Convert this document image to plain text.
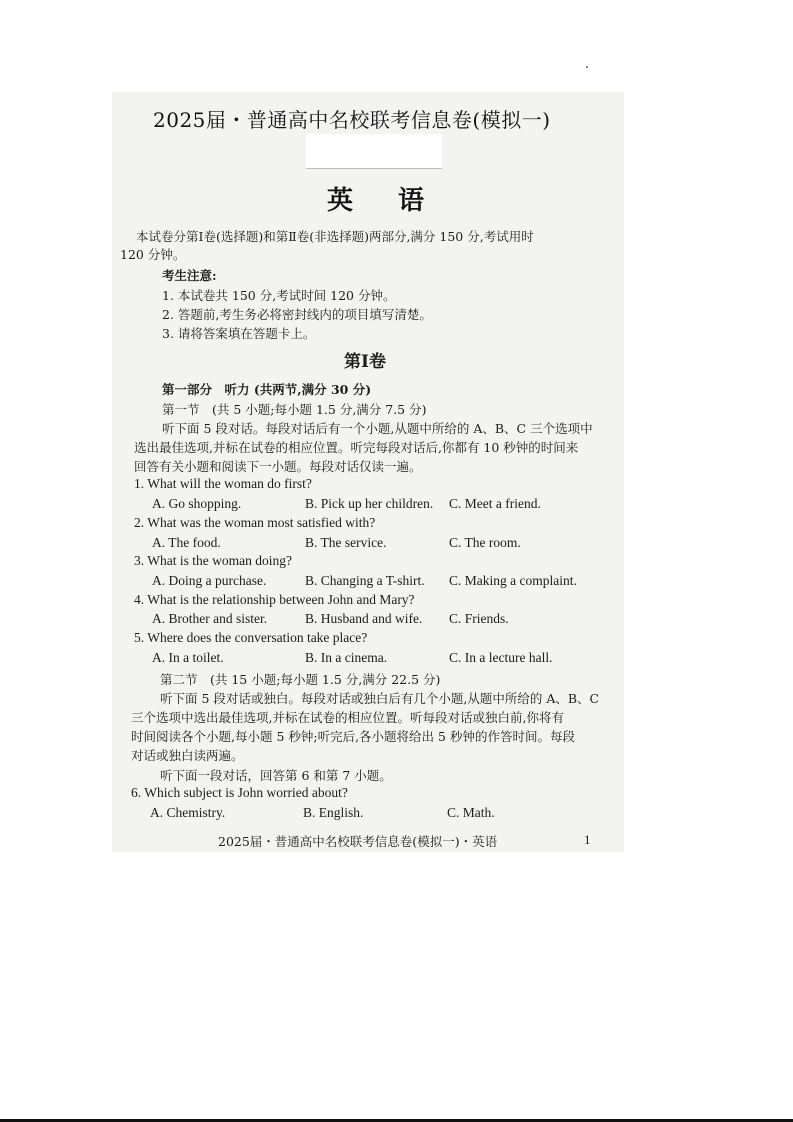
2025届・普通高中名校联考信息卷(模拟一)
英 语
本试卷分第Ⅰ卷(选择题)和第Ⅱ卷(非选择题)两部分,满分 150 分,考试用时
120 分钟。
考生注意:
1. 本试卷共 150 分,考试时间 120 分钟。
2. 答题前,考生务必将密封线内的项目填写清楚。
3. 请将答案填在答题卡上。
第Ⅰ卷
第一部分　听力 (共两节,满分 30 分)
第一节　(共 5 小题;每小题 1.5 分,满分 7.5 分)
听下面 5 段对话。每段对话后有一个小题,从题中所给的 A、B、C 三个选项中
选出最佳选项,并标在试卷的相应位置。听完每段对话后,你都有 10 秒钟的时间来
回答有关小题和阅读下一小题。每段对话仅读一遍。
1. What will the woman do first?
A. Go shopping.	B. Pick up her children. C. Meet a friend.
2. What was the woman most satisfied with?
A. The food.	B. The service.	C. The room.
3. What is the woman doing?
A. Doing a purchase.	B. Changing a T-shirt. C. Making a complaint.
4. What is the relationship between John and Mary?
A. Brother and sister.	B. Husband and wife. C. Friends.
5. Where does the conversation take place?
A. In a toilet.	B. In a cinema.	C. In a lecture hall.
第二节　(共 15 小题;每小题 1.5 分,满分 22.5 分)
听下面 5 段对话或独白。每段对话或独白后有几个小题,从题中所给的 A、B、C
三个选项中选出最佳选项,并标在试卷的相应位置。听每段对话或独白前,你将有
时间阅读各个小题,每小题 5 秒钟;听完后,各小题将给出 5 秒钟的作答时间。每段
对话或独白读两遍。
听下面一段对话，回答第 6 和第 7 小题。
6. Which subject is John worried about?
A. Chemistry.	B. English.	C. Math.
2025届・普通高中名校联考信息卷(模拟一)・英语	1
